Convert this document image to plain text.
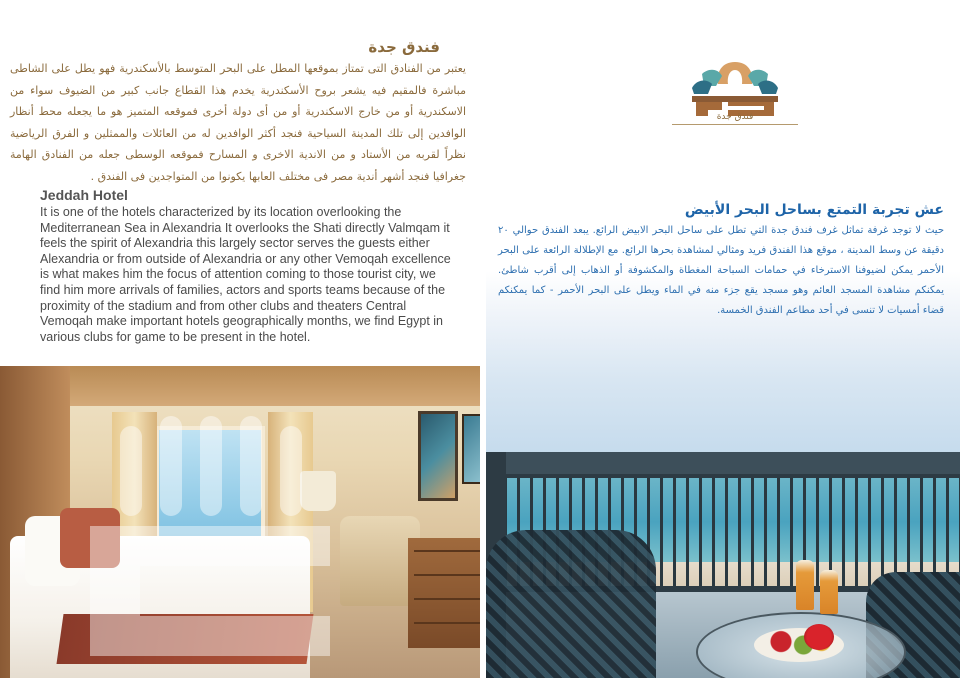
فندق جدة
يعتبر من الفنادق التى تمتاز بموقعها المطل على البحر المتوسط بالأسكندرية فهو يطل على الشاطى مباشرة فالمقيم فيه يشعر بروح الأسكندرية يخدم هذا القطاع جانب كبير من الضيوف سواء من الاسكندرية أو من خارج الاسكندرية أو من أى دولة أخرى فموقعه المتميز هو ما يجعله محط أنظار الوافدين إلى تلك المدينة السياحية فنجد أكثر الوافدين له من العائلات والممثلين و الفرق الرياضية نظراً لقربه من الأستاد و من الاندية الاخرى و المسارح فموقعه الوسطى جعله من الفنادق الهامة جغرافيا فنجد أشهر أندية مصر فى مختلف العابها يكونوا من المتواجدين فى الفندق .
Jeddah Hotel
It is one of the hotels characterized by its location overlooking the Mediterranean Sea in Alexandria It overlooks the Shati directly Valmqam it feels the spirit of Alexandria this largely sector serves the guests either Alexandria or from outside of Alexandria or any other Vemoqah excellence is what makes him the focus of attention coming to those tourist city, we find him more arrivals of families, actors and sports teams because of the proximity of the stadium and from other clubs and theaters Central Vemoqah make important hotels geographically months, we find Egypt in various clubs for game to be present in the hotel.
فندق جدة
عش تجربة التمتع بساحل البحر الأبيض
حيث لا توجد غرفة تماثل غرف فندق جدة التي تطل على ساحل البحر الابيض الرائع. يبعد الفندق حوالي ٢٠ دقيقة عن وسط المدينة ، موقع هذا الفندق فريد ومثالي لمشاهدة بحرها الرائع. مع الإطلالة الرائعة على البحر الأحمر يمكن لضيوفنا الاسترخاء في حمامات السباحة المغطاة والمكشوفة أو الذهاب إلى أقرب شاطئ. يمكنكم مشاهدة المسجد العائم وهو مسجد يقع جزء منه في الماء ويطل على البحر الأحمر - كما يمكنكم قضاء أمسيات لا تنسى في أحد مطاعم الفندق الخمسة.
